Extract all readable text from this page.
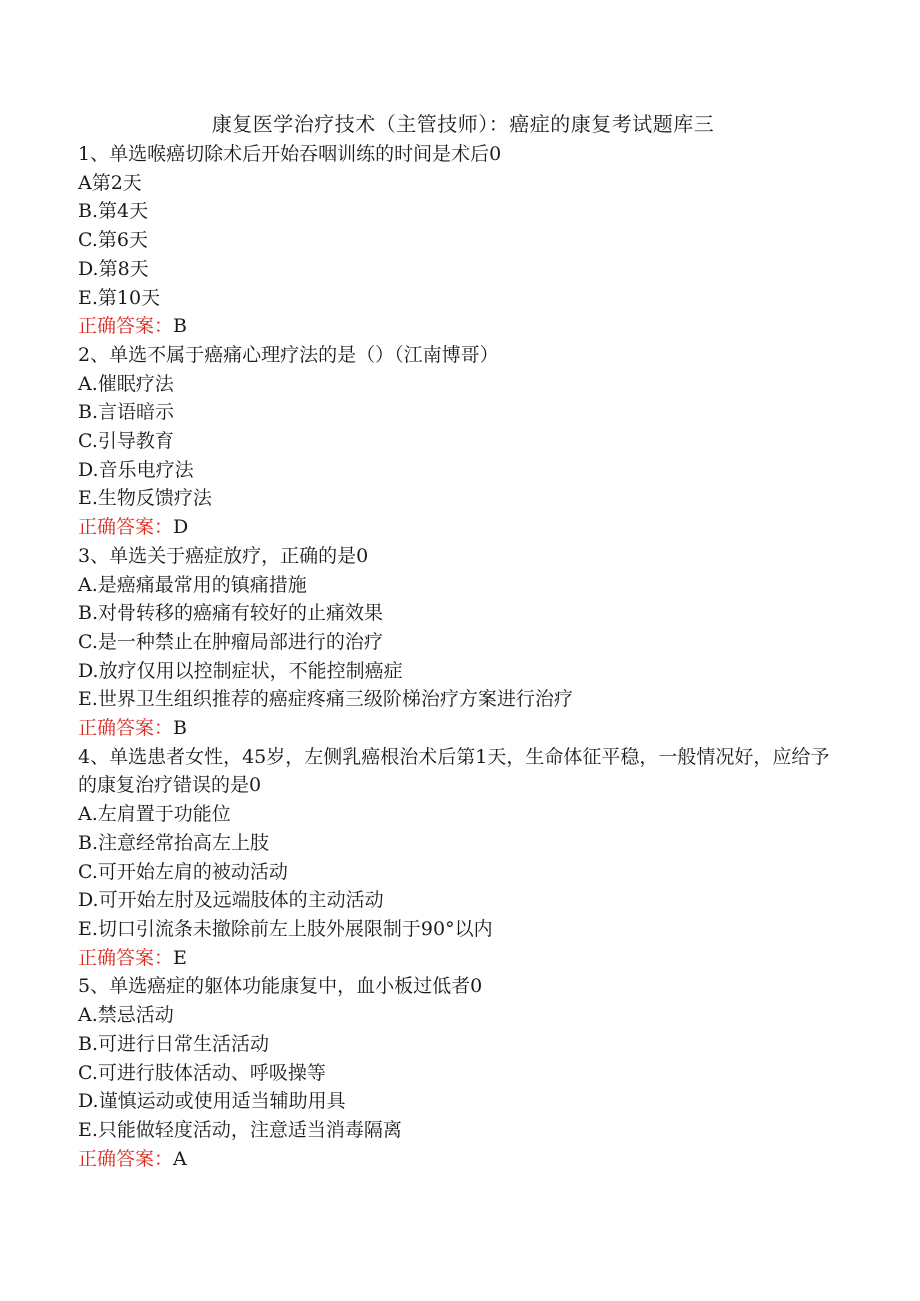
康复医学治疗技术（主管技师）：癌症的康复考试题库三

1、单选喉癌切除术后开始吞咽训练的时间是术后0

A第2天

B.第4天

C.第6天

D.第8天

E.第10天

正确答案：B

2、单选不属于癌痛心理疗法的是（）（江南博哥）

A.催眠疗法

B.言语暗示

C.引导教育

D.音乐电疗法

E.生物反馈疗法

正确答案：D

3、单选关于癌症放疗，正确的是0

A.是癌痛最常用的镇痛措施

B.对骨转移的癌痛有较好的止痛效果

C.是一种禁止在肿瘤局部进行的治疗

D.放疗仅用以控制症状，不能控制癌症

E.世界卫生组织推荐的癌症疼痛三级阶梯治疗方案进行治疗

正确答案：B

4、单选患者女性，45岁，左侧乳癌根治术后第1天，生命体征平稳，一般情况好，应给予的康复治疗错误的是0

A.左肩置于功能位

B.注意经常抬高左上肢

C.可开始左肩的被动活动

D.可开始左肘及远端肢体的主动活动

E.切口引流条未撤除前左上肢外展限制于90°以内

正确答案：E

5、单选癌症的躯体功能康复中，血小板过低者0

A.禁忌活动

B.可进行日常生活活动

C.可进行肢体活动、呼吸操等

D.谨慎运动或使用适当辅助用具

E.只能做轻度活动，注意适当消毒隔离

正确答案：A
